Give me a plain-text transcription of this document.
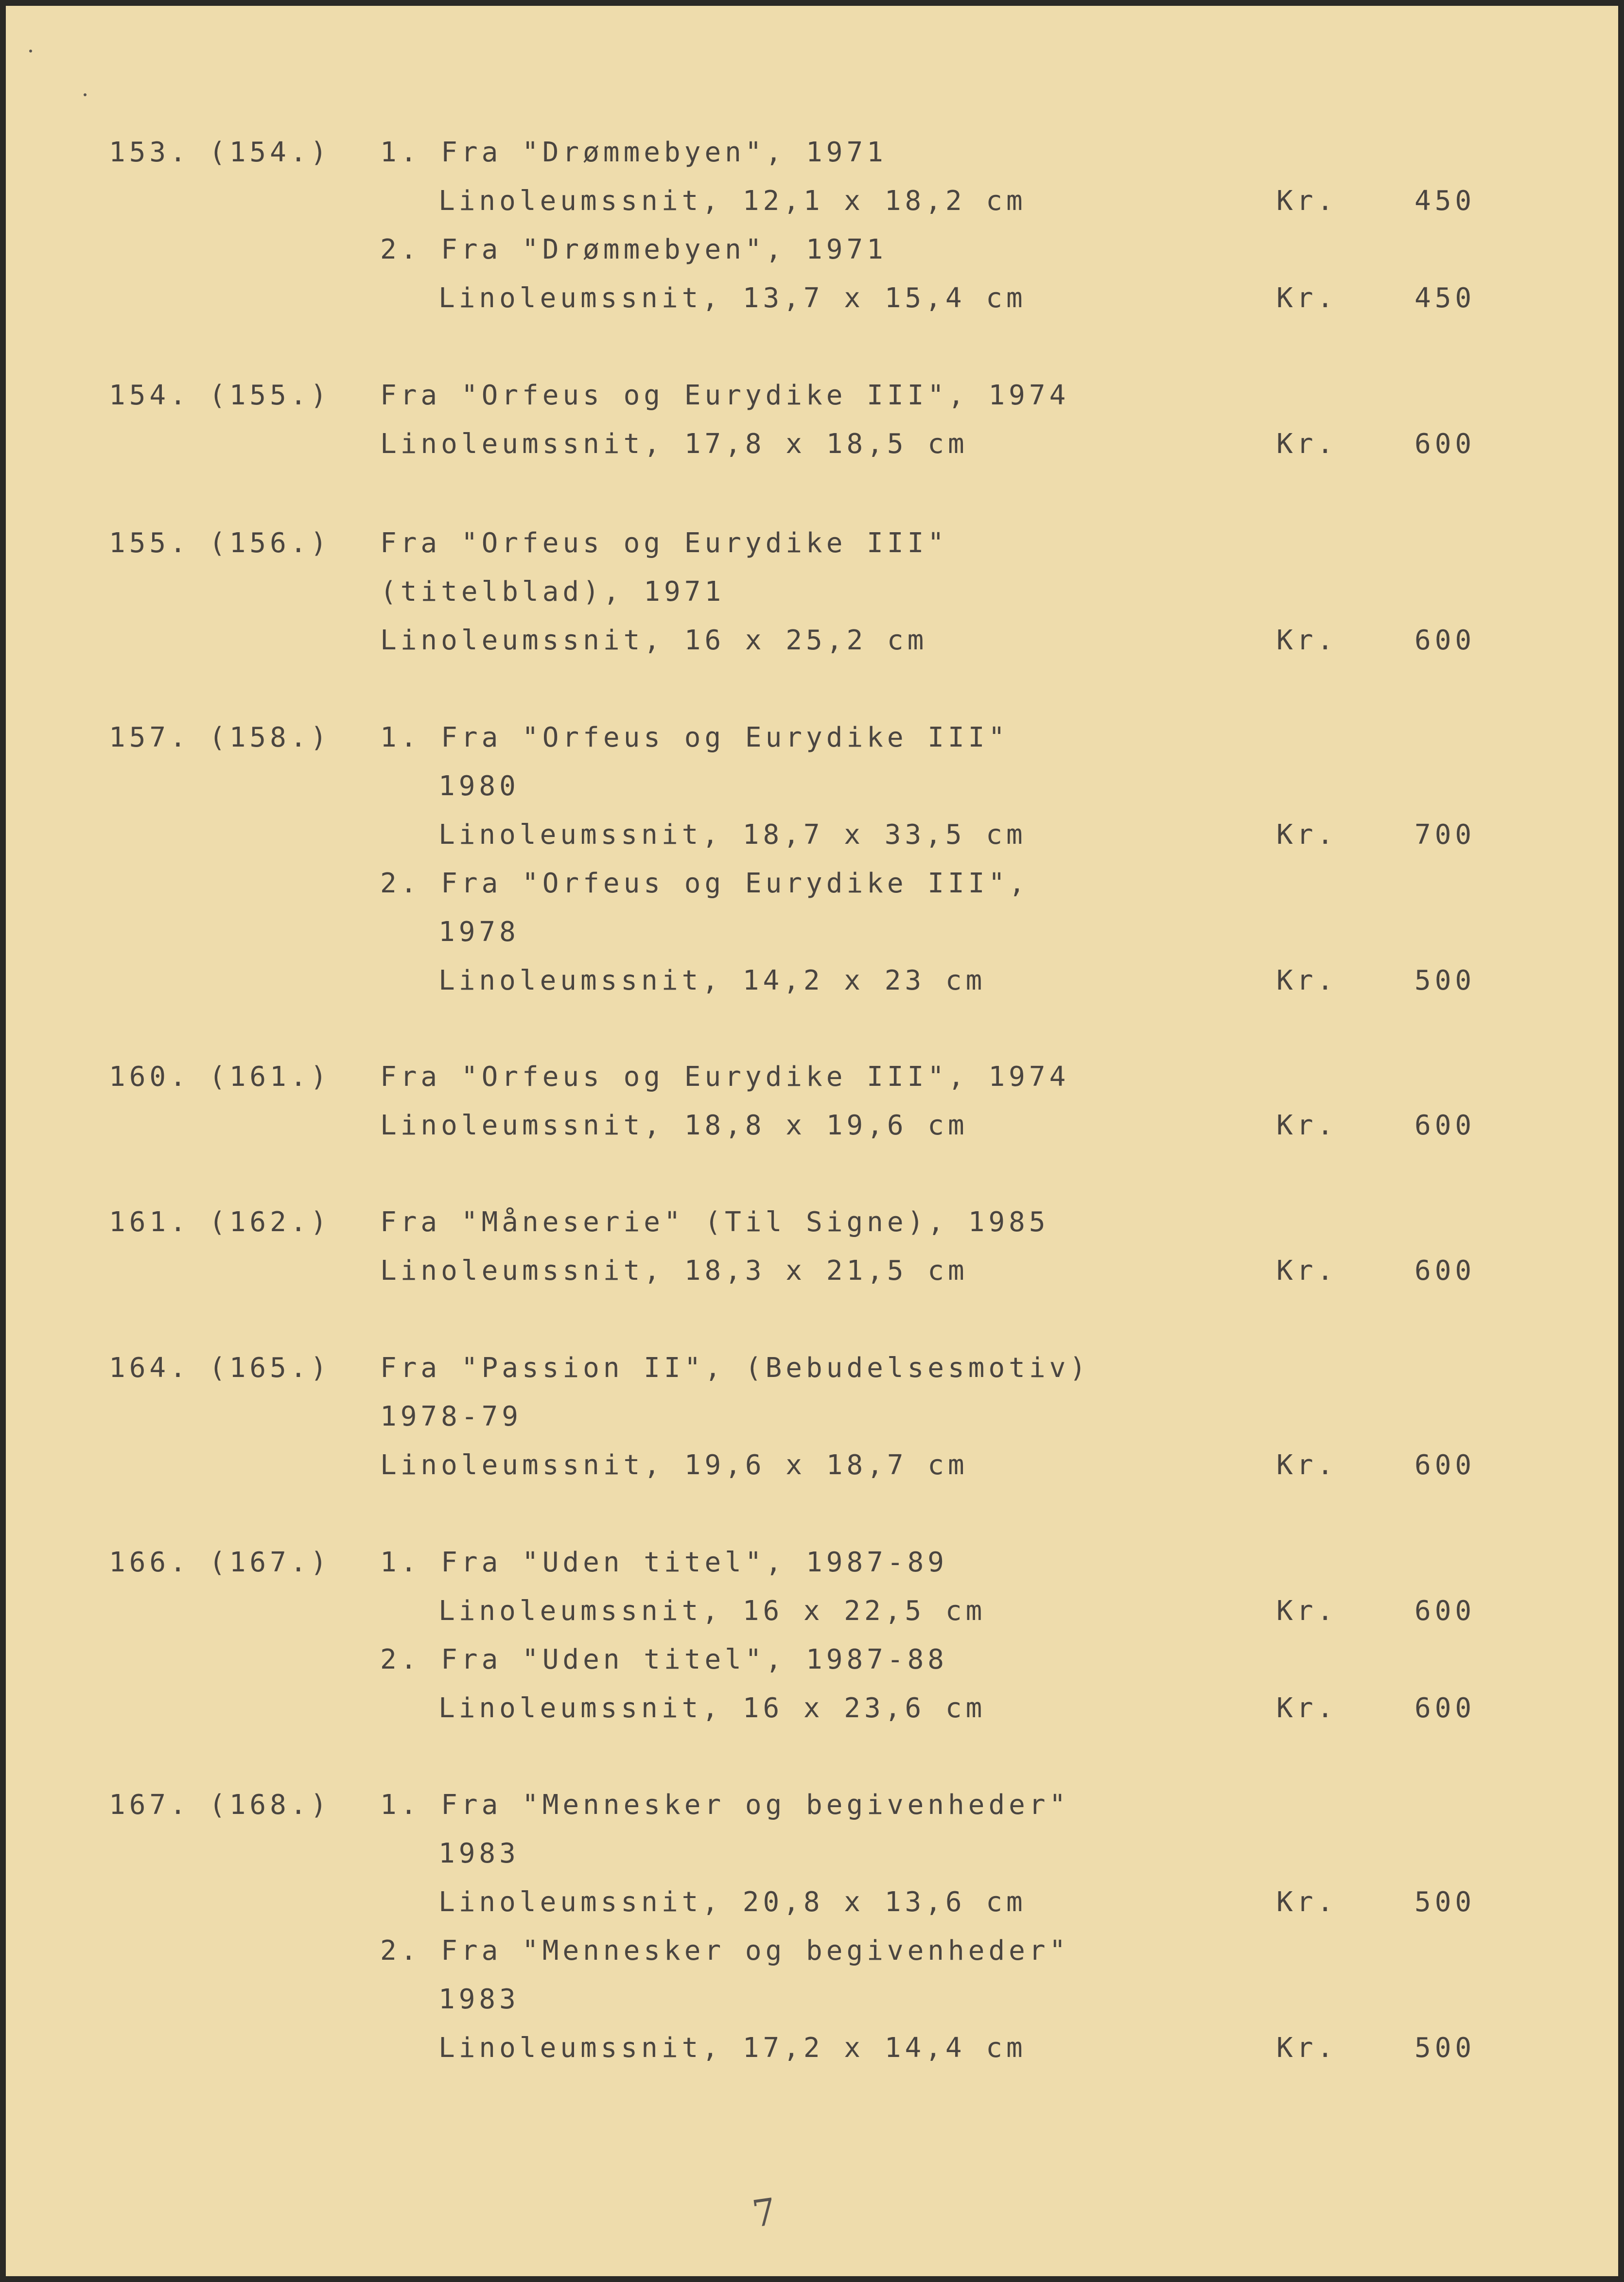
153. (154.) 1. Fra "Drømmebyen", 1971
Linoleumssnit, 12,1 x 18,2 cm	Kr.	450
2. Fra "Drømmebyen", 1971
Linoleumssnit, 13,7 x 15,4 cm	Kr.	450
154. (155.) Fra "Orfeus og Eurydike III", 1974
Linoleumssnit, 17,8 x 18,5 cm	Kr.	600
155. (156.) Fra "Orfeus og Eurydike III"
(titelblad), 1971
Linoleumssnit, 16 x 25,2 cm	Kr.	600
157. (158.) 1. Fra "Orfeus og Eurydike III"
1980
Linoleumssnit, 18,7 x 33,5 cm	Kr.	700
2. Fra "Orfeus og Eurydike III",
1978
Linoleumssnit, 14,2 x 23 cm	Kr.	500
160. (161.) Fra "Orfeus og Eurydike III", 1974
Linoleumssnit, 18,8 x 19,6 cm	Kr.	600
161. (162.) Fra "Måneserie" (Til Signe), 1985
Linoleumssnit, 18,3 x 21,5 cm	Kr.	600
164. (165.) Fra "Passion II", (Bebudelsesmotiv)
1978-79
Linoleumssnit, 19,6 x 18,7 cm	Kr.	600
166. (167.) 1. Fra "Uden titel", 1987-89
Linoleumssnit, 16 x 22,5 cm	Kr.	600
2. Fra "Uden titel", 1987-88
Linoleumssnit, 16 x 23,6 cm	Kr.	600
167. (168.) 1. Fra "Mennesker og begivenheder"
1983
Linoleumssnit, 20,8 x 13,6 cm	Kr.	500
2. Fra "Mennesker og begivenheder"
1983
Linoleumssnit, 17,2 x 14,4 cm	Kr.	500
7
